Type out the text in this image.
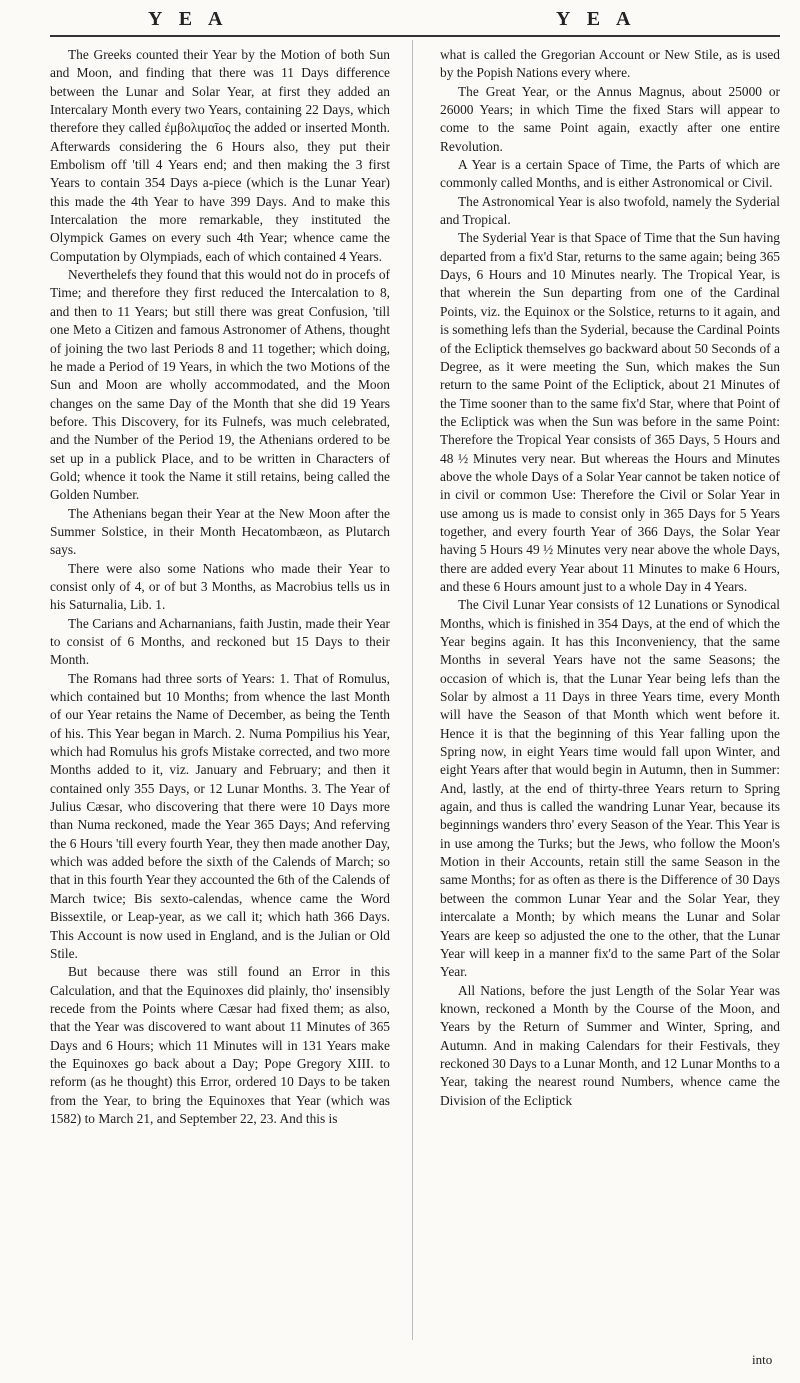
Y E A	Y E A

The Greeks counted their Year by the Motion of both Sun and Moon, and finding that there was 11 Days difference between the Lunar and Solar Year, at first they added an Intercalary Month every two Years, containing 22 Days, which therefore they called ἐμβολιμαῖος the added or inserted Month. Afterwards considering the 6 Hours also, they put their Embolism off 'till 4 Years end; and then making the 3 first Years to contain 354 Days a-piece (which is the Lunar Year) this made the 4th Year to have 399 Days. And to make this Intercalation the more remarkable, they instituted the Olympick Games on every such 4th Year; whence came the Computation by Olympiads, each of which contained 4 Years.

Neverthelefs they found that this would not do in procefs of Time; and therefore they first reduced the Intercalation to 8, and then to 11 Years; but still there was great Confusion, 'till one Meto a Citizen and famous Astronomer of Athens, thought of joining the two last Periods 8 and 11 together; which doing, he made a Period of 19 Years, in which the two Motions of the Sun and Moon are wholly accommodated, and the Moon changes on the same Day of the Month that she did 19 Years before. This Discovery, for its Fulnefs, was much celebrated, and the Number of the Period 19, the Athenians ordered to be set up in a publick Place, and to be written in Characters of Gold; whence it took the Name it still retains, being called the Golden Number.

The Athenians began their Year at the New Moon after the Summer Solstice, in their Month Hecatombæon, as Plutarch says.

There were also some Nations who made their Year to consist only of 4, or of but 3 Months, as Macrobius tells us in his Saturnalia, Lib. 1.

The Carians and Acharnanians, faith Justin, made their Year to consist of 6 Months, and reckoned but 15 Days to their Month.

The Romans had three sorts of Years: 1. That of Romulus, which contained but 10 Months; from whence the last Month of our Year retains the Name of December, as being the Tenth of his. This Year began in March. 2. Numa Pompilius his Year, which had Romulus his grofs Mistake corrected, and two more Months added to it, viz. January and February; and then it contained only 355 Days, or 12 Lunar Months. 3. The Year of Julius Cæsar, who discovering that there were 10 Days more than Numa reckoned, made the Year 365 Days; And referving the 6 Hours 'till every fourth Year, they then made another Day, which was added before the sixth of the Calends of March; so that in this fourth Year they accounted the 6th of the Calends of March twice; Bis sexto-calendas, whence came the Word Bissextile, or Leap-year, as we call it; which hath 366 Days. This Account is now used in England, and is the Julian or Old Stile.

But because there was still found an Error in this Calculation, and that the Equinoxes did plainly, tho' insensibly recede from the Points where Cæsar had fixed them; as also, that the Year was discovered to want about 11 Minutes of 365 Days and 6 Hours; which 11 Minutes will in 131 Years make the Equinoxes go back about a Day; Pope Gregory XIII. to reform (as he thought) this Error, ordered 10 Days to be taken from the Year, to bring the Equinoxes that Year (which was 1582) to March 21, and September 22, 23. And this is

what is called the Gregorian Account or New Stile, as is used by the Popish Nations every where.

The Great Year, or the Annus Magnus, about 25000 or 26000 Years; in which Time the fixed Stars will appear to come to the same Point again, exactly after one entire Revolution.

A Year is a certain Space of Time, the Parts of which are commonly called Months, and is either Astronomical or Civil.

The Astronomical Year is also twofold, namely the Syderial and Tropical.

The Syderial Year is that Space of Time that the Sun having departed from a fix'd Star, returns to the same again; being 365 Days, 6 Hours and 10 Minutes nearly. The Tropical Year, is that wherein the Sun departing from one of the Cardinal Points, viz. the Equinox or the Solstice, returns to it again, and is something lefs than the Syderial, because the Cardinal Points of the Ecliptick themselves go backward about 50 Seconds of a Degree, as it were meeting the Sun, which makes the Sun return to the same Point of the Ecliptick, about 21 Minutes of the Time sooner than to the same fix'd Star, where that Point of the Ecliptick was when the Sun was before in the same Point: Therefore the Tropical Year consists of 365 Days, 5 Hours and 48 ½ Minutes very near. But whereas the Hours and Minutes above the whole Days of a Solar Year cannot be taken notice of in civil or common Use: Therefore the Civil or Solar Year in use among us is made to consist only in 365 Days for 5 Years together, and every fourth Year of 366 Days, the Solar Year having 5 Hours 49 ½ Minutes very near above the whole Days, there are added every Year about 11 Minutes to make 6 Hours, and these 6 Hours amount just to a whole Day in 4 Years.

The Civil Lunar Year consists of 12 Lunations or Synodical Months, which is finished in 354 Days, at the end of which the Year begins again. It has this Inconveniency, that the same Months in several Years have not the same Seasons; the occasion of which is, that the Lunar Year being lefs than the Solar by almost a 11 Days in three Years time, every Month will have the Season of that Month which went before it. Hence it is that the beginning of this Year falling upon the Spring now, in eight Years time would fall upon Winter, and eight Years after that would begin in Autumn, then in Summer: And, lastly, at the end of thirty-three Years return to Spring again, and thus is called the wandring Lunar Year, because its beginnings wanders thro' every Season of the Year. This Year is in use among the Turks; but the Jews, who follow the Moon's Motion in their Accounts, retain still the same Season in the same Months; for as often as there is the Difference of 30 Days between the common Lunar Year and the Solar Year, they intercalate a Month; by which means the Lunar and Solar Years are keep so adjusted the one to the other, that the Lunar Year will keep in a manner fix'd to the same Part of the Solar Year.

All Nations, before the just Length of the Solar Year was known, reckoned a Month by the Course of the Moon, and Years by the Return of Summer and Winter, Spring, and Autumn. And in making Calendars for their Festivals, they reckoned 30 Days to a Lunar Month, and 12 Lunar Months to a Year, taking the nearest round Numbers, whence came the Division of the Ecliptick

into
